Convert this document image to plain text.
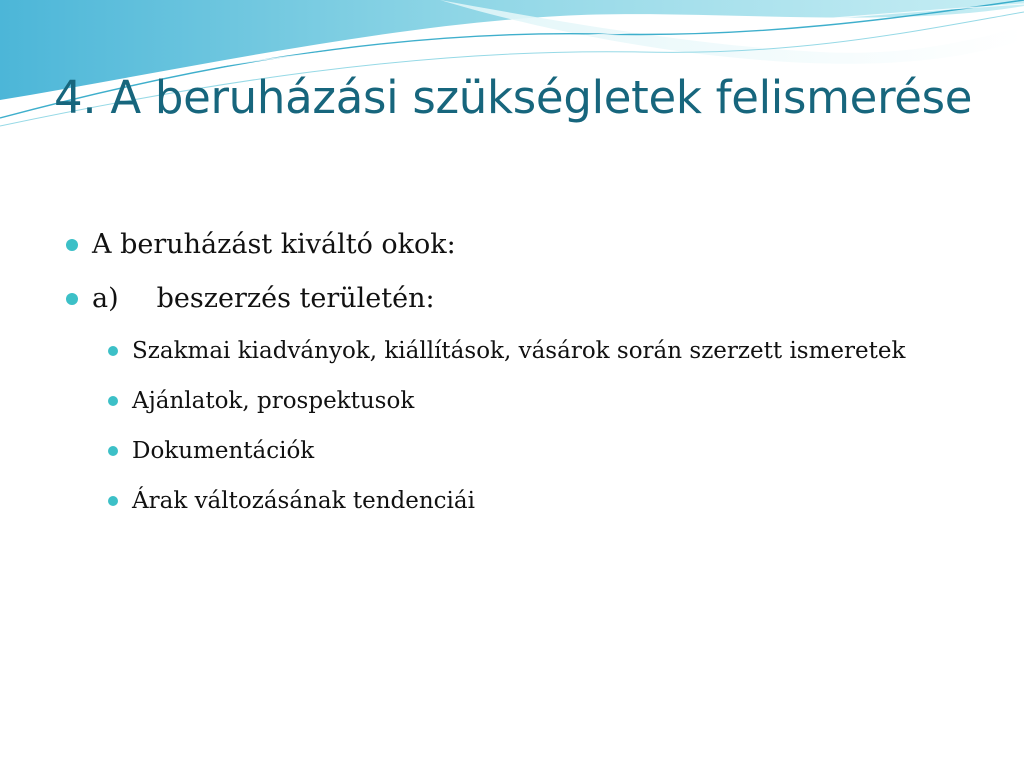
4. A beruházási szükségletek felismerése
A beruházást kiváltó okok:
a) beszerzés területén:
Szakmai kiadványok, kiállítások, vásárok során szerzett ismeretek
Ajánlatok, prospektusok
Dokumentációk
Árak változásának tendenciái
